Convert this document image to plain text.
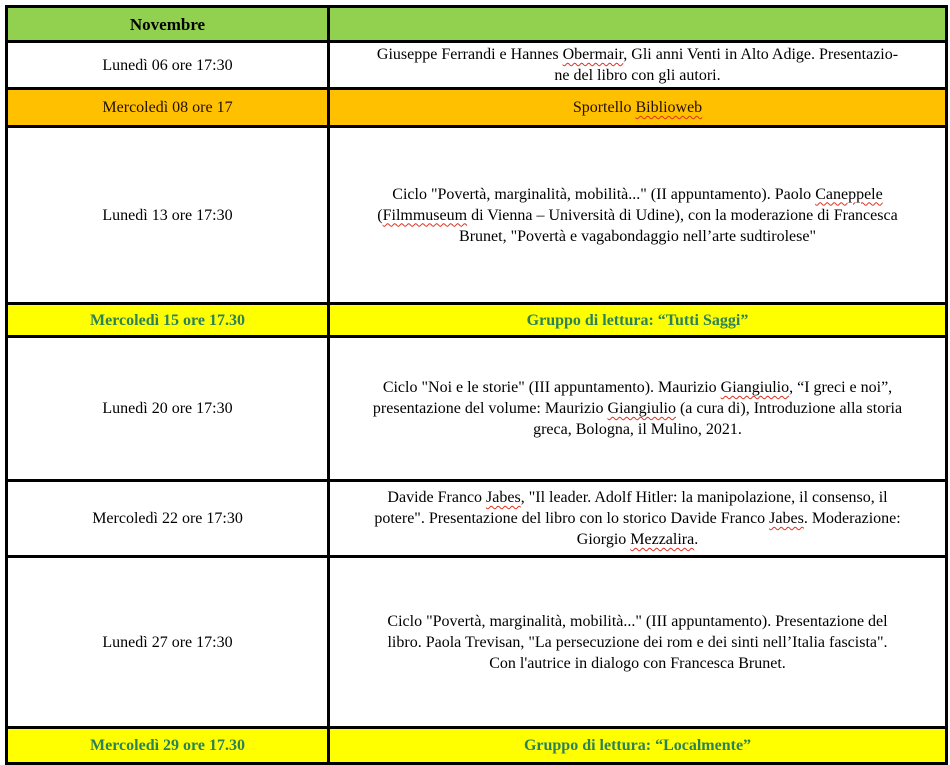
Novembre	
Lunedì 06 ore 17:30	Giuseppe Ferrandi e Hannes Obermair, Gli anni Venti in Alto Adige. Presentazio-
ne del libro con gli autori.
Mercoledì 08 ore 17	Sportello Biblioweb
Lunedì 13 ore 17:30	Ciclo "Povertà, marginalità, mobilità..." (II appuntamento). Paolo Caneppele
(Filmmuseum di Vienna – Università di Udine), con la moderazione di Francesca
Brunet, "Povertà e vagabondaggio nell’arte sudtirolese"
Mercoledì 15 ore 17.30	Gruppo di lettura: “Tutti Saggi”
Lunedì 20 ore 17:30	Ciclo "Noi e le storie" (III appuntamento). Maurizio Giangiulio, “I greci e noi”,
presentazione del volume: Maurizio Giangiulio (a cura di), Introduzione alla storia
greca, Bologna, il Mulino, 2021.
Mercoledì 22 ore 17:30	Davide Franco Jabes, "Il leader. Adolf Hitler: la manipolazione, il consenso, il
potere". Presentazione del libro con lo storico Davide Franco Jabes. Moderazione:
Giorgio Mezzalira.
Lunedì 27 ore 17:30	Ciclo "Povertà, marginalità, mobilità..." (III appuntamento). Presentazione del
libro. Paola Trevisan, "La persecuzione dei rom e dei sinti nell’Italia fascista".
Con l'autrice in dialogo con Francesca Brunet.
Mercoledì 29 ore 17.30	Gruppo di lettura: “Localmente”
